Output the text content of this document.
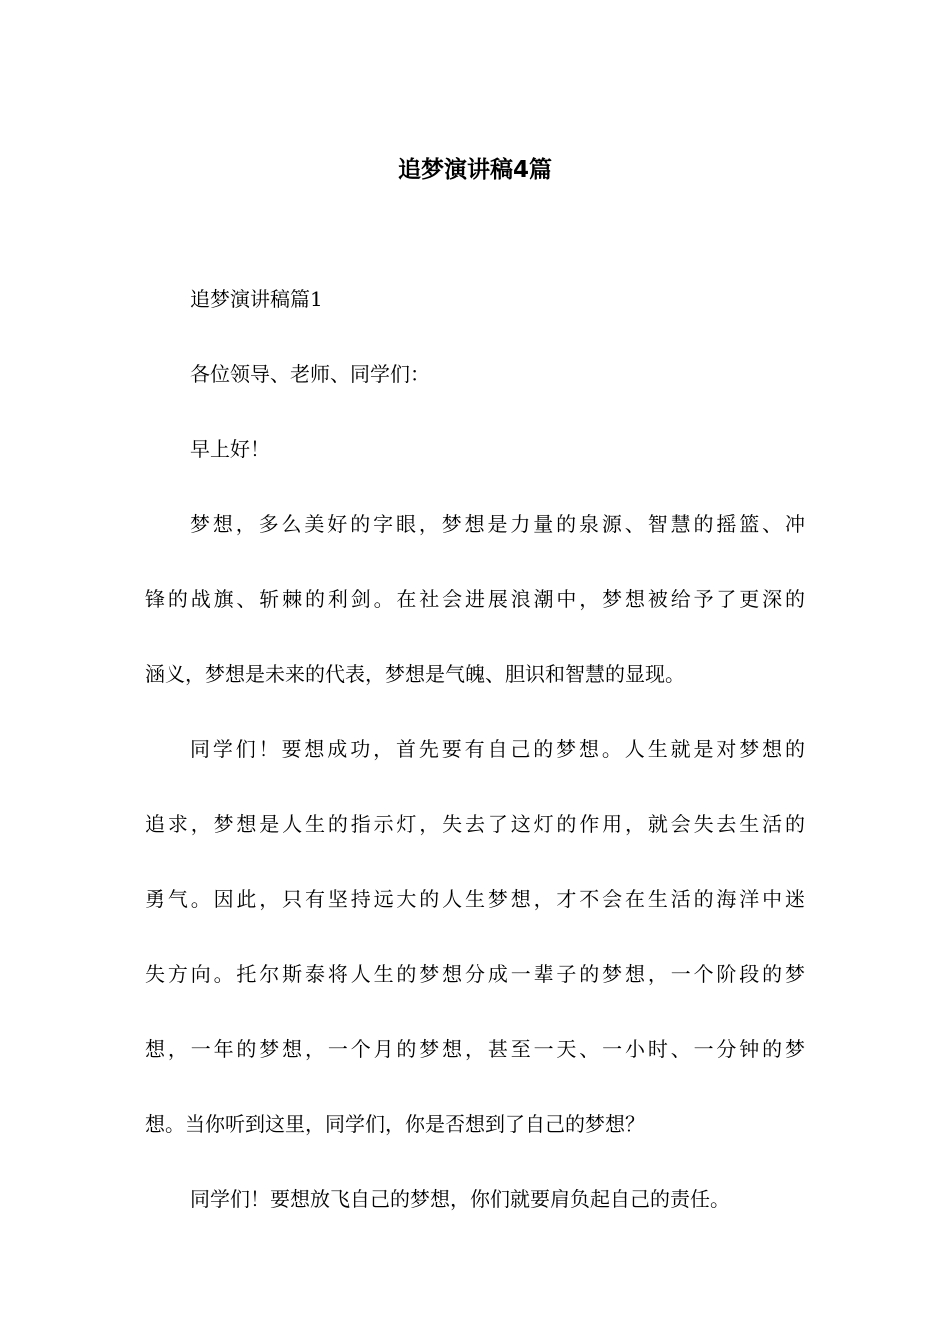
追梦演讲稿4篇
追梦演讲稿篇1
各位领导、老师、同学们：
早上好！
梦想，多么美好的字眼，梦想是力量的泉源、智慧的摇篮、冲
锋的战旗、斩棘的利剑。在社会进展浪潮中，梦想被给予了更深的
涵义，梦想是未来的代表，梦想是气魄、胆识和智慧的显现。
同学们！要想成功，首先要有自己的梦想。人生就是对梦想的
追求，梦想是人生的指示灯，失去了这灯的作用，就会失去生活的
勇气。因此，只有坚持远大的人生梦想，才不会在生活的海洋中迷
失方向。托尔斯泰将人生的梦想分成一辈子的梦想，一个阶段的梦
想，一年的梦想，一个月的梦想，甚至一天、一小时、一分钟的梦
想。当你听到这里，同学们，你是否想到了自己的梦想？
同学们！要想放飞自己的梦想，你们就要肩负起自己的责任。
